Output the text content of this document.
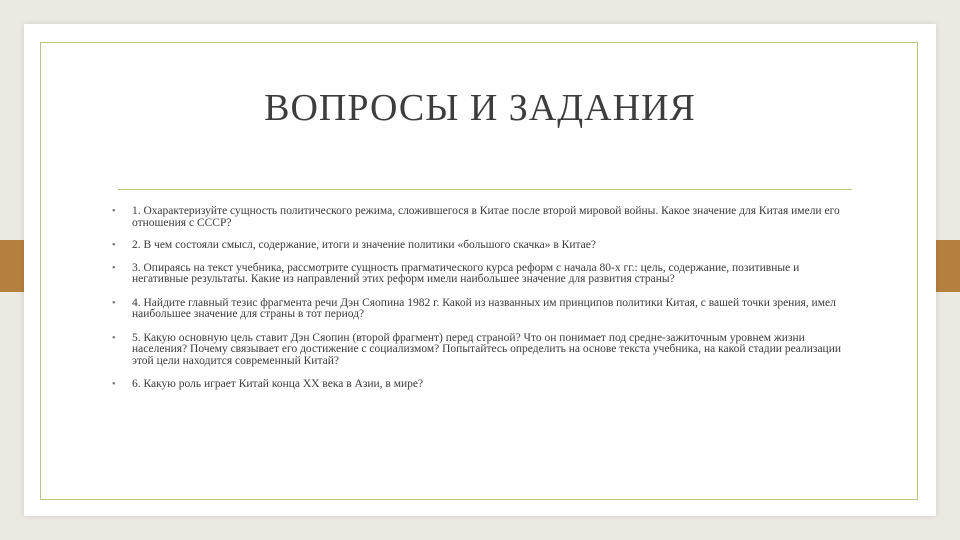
ВОПРОСЫ И ЗАДАНИЯ
• 1. Охарактеризуйте сущность политического режима, сложившегося в Китае после второй мировой войны. Какое значение для Китая имели его отношения с СССР?
• 2. В чем состояли смысл, содержание, итоги и значение политики «большого скачка» в Китае?
• 3. Опираясь на текст учебника, рассмотрите сущность прагматического курса реформ с начала 80-х гг.: цель, содержание, позитивные и негативные результаты. Какие из направлений этих реформ имели наибольшее значение для развития страны?
• 4. Найдите главный тезис фрагмента речи Дэн Сяопина 1982 г. Какой из названных им принципов политики Китая, с вашей точки зрения, имел наибольшее значение для страны в тот период?
• 5. Какую основную цель ставит Дэн Сяопин (второй фрагмент) перед страной? Что он понимает под средне-зажиточным уровнем жизни населения? Почему связывает его достижение с социализмом? Попытайтесь определить на основе текста учебника, на какой стадии реализации этой цели находится современный Китай?
• 6. Какую роль играет Китай конца XX века в Азии, в мире?
